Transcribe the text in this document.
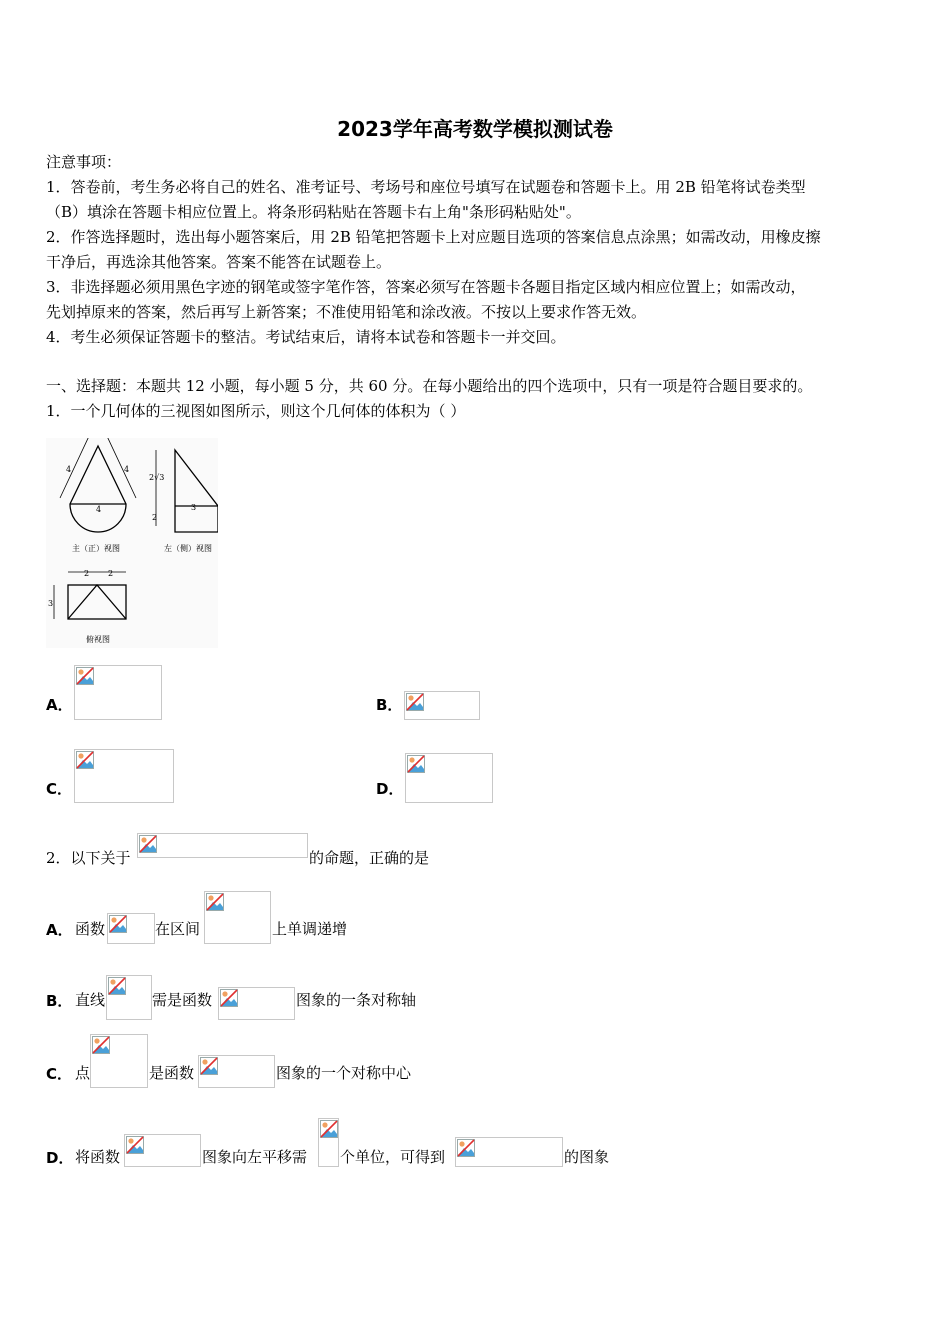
2023学年高考数学模拟测试卷
注意事项：
1．答卷前，考生务必将自己的姓名、准考证号、考场号和座位号填写在试题卷和答题卡上。用 2B 铅笔将试卷类型
（B）填涂在答题卡相应位置上。将条形码粘贴在答题卡右上角"条形码粘贴处"。
2．作答选择题时，选出每小题答案后，用 2B 铅笔把答题卡上对应题目选项的答案信息点涂黑；如需改动，用橡皮擦
干净后，再选涂其他答案。答案不能答在试题卷上。
3．非选择题必须用黑色字迹的钢笔或签字笔作答，答案必须写在答题卡各题目指定区域内相应位置上；如需改动，
先划掉原来的答案，然后再写上新答案；不准使用铅笔和涂改液。不按以上要求作答无效。
4．考生必须保证答题卡的整洁。考试结束后，请将本试卷和答题卡一并交回。
一、选择题：本题共 12 小题，每小题 5 分，共 60 分。在每小题给出的四个选项中，只有一项是符合题目要求的。
1．一个几何体的三视图如图所示，则这个几何体的体积为（ ）
4	4
4
2√3
2
3
2 2
3
主（正）视图	左（侧）视图
俯视图
A．	B．
C．	D．
2．以下关于	的命题，正确的是
A． 函数	在区间	上单调递增
B． 直线	需是函数	图象的一条对称轴
C． 点	是函数	图象的一个对称中心
D． 将函数	图象向左平移需 个单位，可得到	的图象
